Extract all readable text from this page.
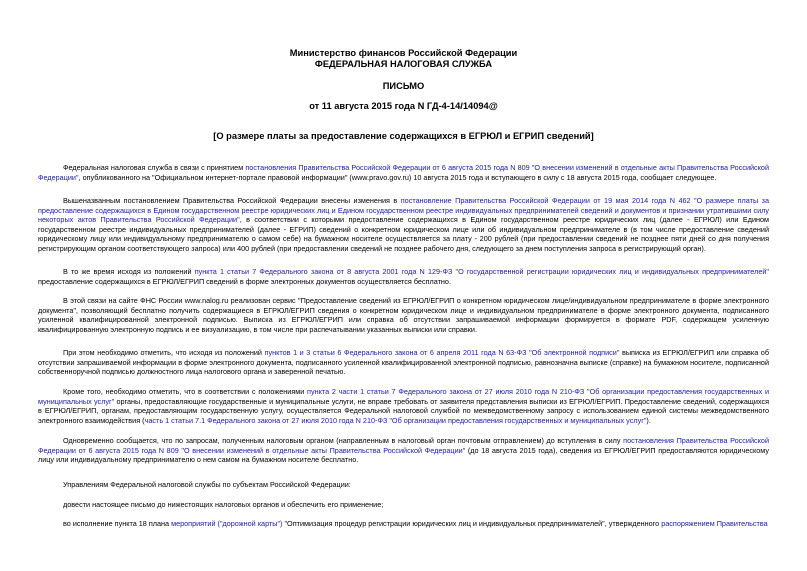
Министерство финансов Российской Федерации
ФЕДЕРАЛЬНАЯ НАЛОГОВАЯ СЛУЖБА
ПИСЬМО
от 11 августа 2015 года N ГД-4-14/14094@
[О размере платы за предоставление содержащихся в ЕГРЮЛ и ЕГРИП сведений]
Федеральная налоговая служба в связи с принятием постановления Правительства Российской Федерации от 6 августа 2015 года N 809 "О внесении изменений в отдельные акты Правительства Российской Федерации", опубликованного на "Официальном интернет-портале правовой информации" (www.pravo.gov.ru) 10 августа 2015 года и вступающего в силу с 18 августа 2015 года, сообщает следующее.
Вышеназванным постановлением Правительства Российской Федерации внесены изменения в постановление Правительства Российской Федерации от 19 мая 2014 года N 462 "О размере платы за предоставление содержащихся в Едином государственном реестре юридических лиц и Едином государственном реестре индивидуальных предпринимателей сведений и документов и признании утратившими силу некоторых актов Правительства Российской Федерации", в соответствии с которыми предоставление содержащихся в Едином государственном реестре юридических лиц (далее - ЕГРЮЛ) или Едином государственном реестре индивидуальных предпринимателей (далее - ЕГРИП) сведений о конкретном юридическом лице или об индивидуальном предпринимателе в (в том числе предоставление сведений юридическому лицу или индивидуальному предпринимателю о самом себе) на бумажном носителе осуществляется за плату - 200 рублей (при предоставлении сведений не позднее пяти дней со дня получения регистрирующим органом соответствующего запроса) или 400 рублей (при предоставлении сведений не позднее рабочего дня, следующего за днем поступления запроса в регистрирующий орган).
В то же время исходя из положений пункта 1 статьи 7 Федерального закона от 8 августа 2001 года N 129-ФЗ "О государственной регистрации юридических лиц и индивидуальных предпринимателей" предоставление содержащихся в ЕГРЮЛ/ЕГРИП сведений в форме электронных документов осуществляется бесплатно.
В этой связи на сайте ФНС России www.nalog.ru реализован сервис "Предоставление сведений из ЕГРЮЛ/ЕГРИП о конкретном юридическом лице/индивидуальном предпринимателе в форме электронного документа", позволяющий бесплатно получить содержащиеся в ЕГРЮЛ/ЕГРИП сведения о конкретном юридическом лице и индивидуальном предпринимателе в форме электронного документа, подписанного усиленной квалифицированной электронной подписью. Выписка из ЕГРЮЛ/ЕГРИП или справка об отсутствии запрашиваемой информации формируется в формате PDF, содержащем усиленную квалифицированную электронную подпись и ее визуализацию, в том числе при распечатывании указанных выписки или справки.
При этом необходимо отметить, что исходя из положений пунктов 1 и 3 статьи 6 Федерального закона от 6 апреля 2011 года N 63-ФЗ "Об электронной подписи" выписка из ЕГРЮЛ/ЕГРИП или справка об отсутствии запрашиваемой информации в форме электронного документа, подписанного усиленной квалифицированной электронной подписью, равнозначна выписке (справке) на бумажном носителе, подписанной собственноручной подписью должностного лица налогового органа и заверенной печатью.
Кроме того, необходимо отметить, что в соответствии с положениями пункта 2 части 1 статьи 7 Федерального закона от 27 июля 2010 года N 210-ФЗ "Об организации предоставления государственных и муниципальных услуг" органы, предоставляющие государственные и муниципальные услуги, не вправе требовать от заявителя представления выписки из ЕГРЮЛ/ЕГРИП. Предоставление сведений, содержащихся в ЕГРЮЛ/ЕГРИП, органам, предоставляющим государственную услугу, осуществляется Федеральной налоговой службой по межведомственному запросу с использованием единой системы межведомственного электронного взаимодействия (часть 1 статьи 7.1 Федерального закона от 27 июля 2010 года N 210-ФЗ "Об организации предоставления государственных и муниципальных услуг").
Одновременно сообщается, что по запросам, полученным налоговым органом (направленным в налоговый орган почтовым отправлением) до вступления в силу постановления Правительства Российской Федерации от 6 августа 2015 года N 809 "О внесении изменений в отдельные акты Правительства Российской Федерации" (до 18 августа 2015 года), сведения из ЕГРЮЛ/ЕГРИП предоставляются юридическому лицу или индивидуальному предпринимателю о нем самом на бумажном носителе бесплатно.
Управлениям Федеральной налоговой службы по субъектам Российской Федерации:
довести настоящее письмо до нижестоящих налоговых органов и обеспечить его применение;
во исполнение пункта 18 плана мероприятий ("дорожной карты") "Оптимизация процедур регистрации юридических лиц и индивидуальных предпринимателей", утвержденного распоряжением Правительства
